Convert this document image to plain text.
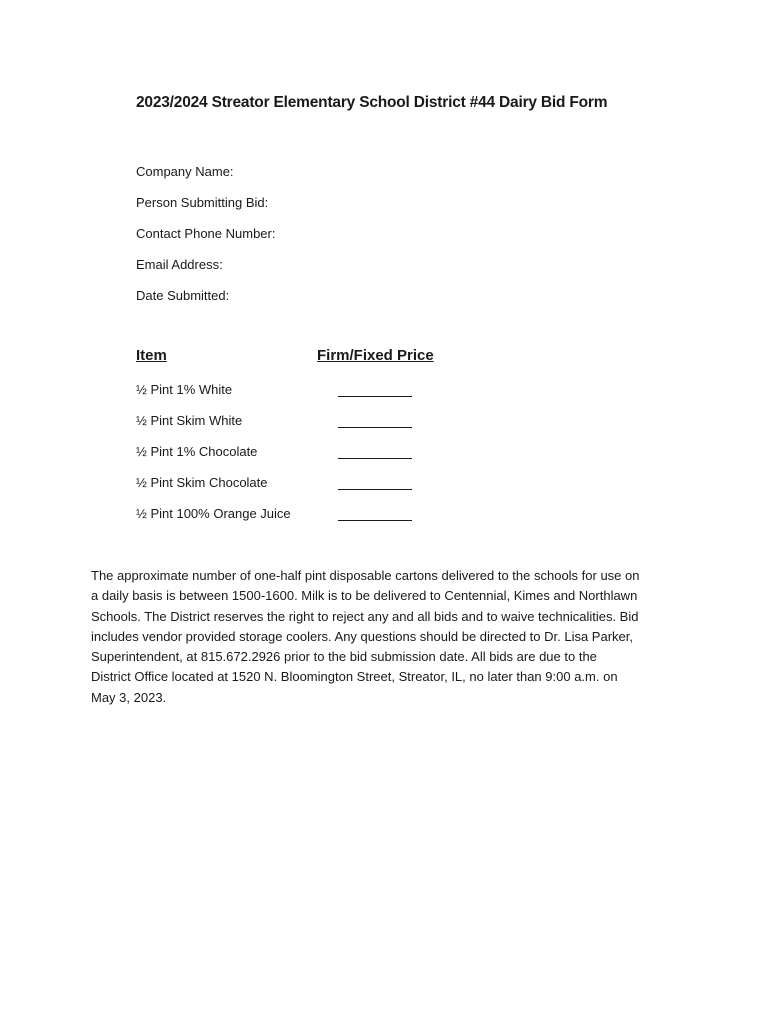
2023/2024 Streator Elementary School District #44 Dairy Bid Form
Company Name:
Person Submitting Bid:
Contact Phone Number:
Email Address:
Date Submitted:
Item	Firm/Fixed Price
½ Pint 1% White
½ Pint Skim White
½ Pint 1% Chocolate
½ Pint Skim Chocolate
½ Pint 100% Orange Juice
The approximate number of one-half pint disposable cartons delivered to the schools for use on
a daily basis is between 1500-1600. Milk is to be delivered to Centennial, Kimes and Northlawn
Schools. The District reserves the right to reject any and all bids and to waive technicalities. Bid
includes vendor provided storage coolers. Any questions should be directed to Dr. Lisa Parker,
Superintendent, at 815.672.2926 prior to the bid submission date. All bids are due to the
District Office located at 1520 N. Bloomington Street, Streator, IL, no later than 9:00 a.m. on
May 3, 2023.
